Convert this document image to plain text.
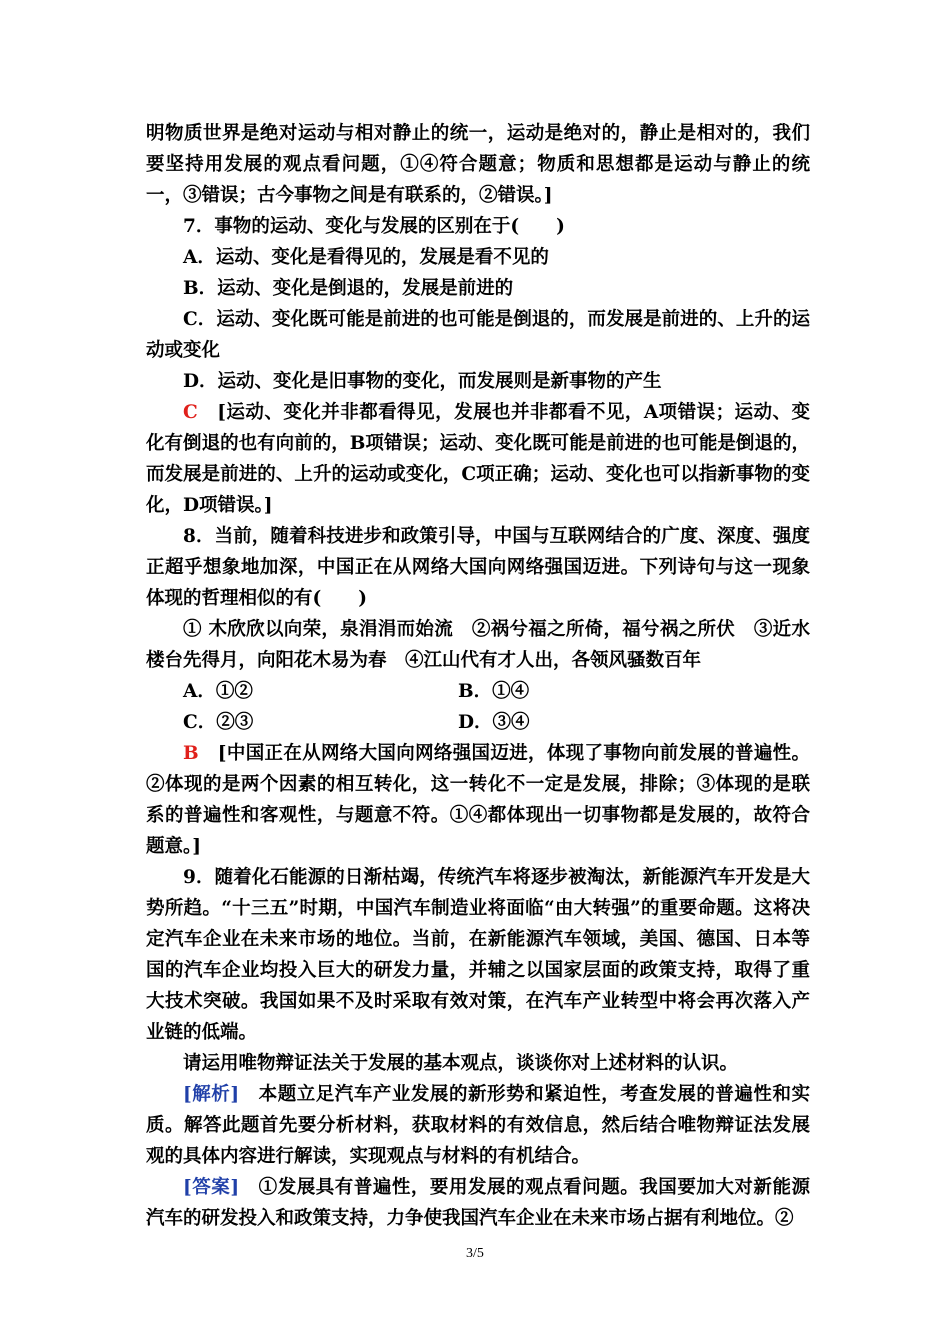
明物质世界是绝对运动与相对静止的统一，运动是绝对的，静止是相对的，我们要坚持用发展的观点看问题，①④符合题意；物质和思想都是运动与静止的统一，③错误；古今事物之间是有联系的，②错误。]

7．事物的运动、变化与发展的区别在于(　　)

A．运动、变化是看得见的，发展是看不见的

B．运动、变化是倒退的，发展是前进的

C．运动、变化既可能是前进的也可能是倒退的，而发展是前进的、上升的运动或变化

D．运动、变化是旧事物的变化，而发展则是新事物的产生

C　 [运动、变化并非都看得见，发展也并非都看不见，A项错误；运动、变化有倒退的也有向前的，B项错误；运动、变化既可能是前进的也可能是倒退的，而发展是前进的、上升的运动或变化，C项正确；运动、变化也可以指新事物的变化，D项错误。]

8．当前，随着科技进步和政策引导，中国与互联网结合的广度、深度、强度正超乎想象地加深，中国正在从网络大国向网络强国迈进。下列诗句与这一现象体现的哲理相似的有(　　)

① 木欣欣以向荣，泉涓涓而始流　②祸兮福之所倚，福兮祸之所伏　③近水楼台先得月，向阳花木易为春　④江山代有才人出，各领风骚数百年

A．①②	B．①④
C．②③	D．③④

B　 [中国正在从网络大国向网络强国迈进，体现了事物向前发展的普遍性。②体现的是两个因素的相互转化，这一转化不一定是发展，排除；③体现的是联系的普遍性和客观性，与题意不符。①④都体现出一切事物都是发展的，故符合题意。]

9．随着化石能源的日渐枯竭，传统汽车将逐步被淘汰，新能源汽车开发是大势所趋。“十三五”时期，中国汽车制造业将面临“由大转强”的重要命题。这将决定汽车企业在未来市场的地位。当前，在新能源汽车领域，美国、德国、日本等国的汽车企业均投入巨大的研发力量，并辅之以国家层面的政策支持，取得了重大技术突破。我国如果不及时采取有效对策，在汽车产业转型中将会再次落入产业链的低端。

请运用唯物辩证法关于发展的基本观点，谈谈你对上述材料的认识。

[解析]　本题立足汽车产业发展的新形势和紧迫性，考查发展的普遍性和实质。解答此题首先要分析材料，获取材料的有效信息，然后结合唯物辩证法发展观的具体内容进行解读，实现观点与材料的有机结合。

[答案]　①发展具有普遍性，要用发展的观点看问题。我国要加大对新能源汽车的研发投入和政策支持，力争使我国汽车企业在未来市场占据有利地位。②

3/5
